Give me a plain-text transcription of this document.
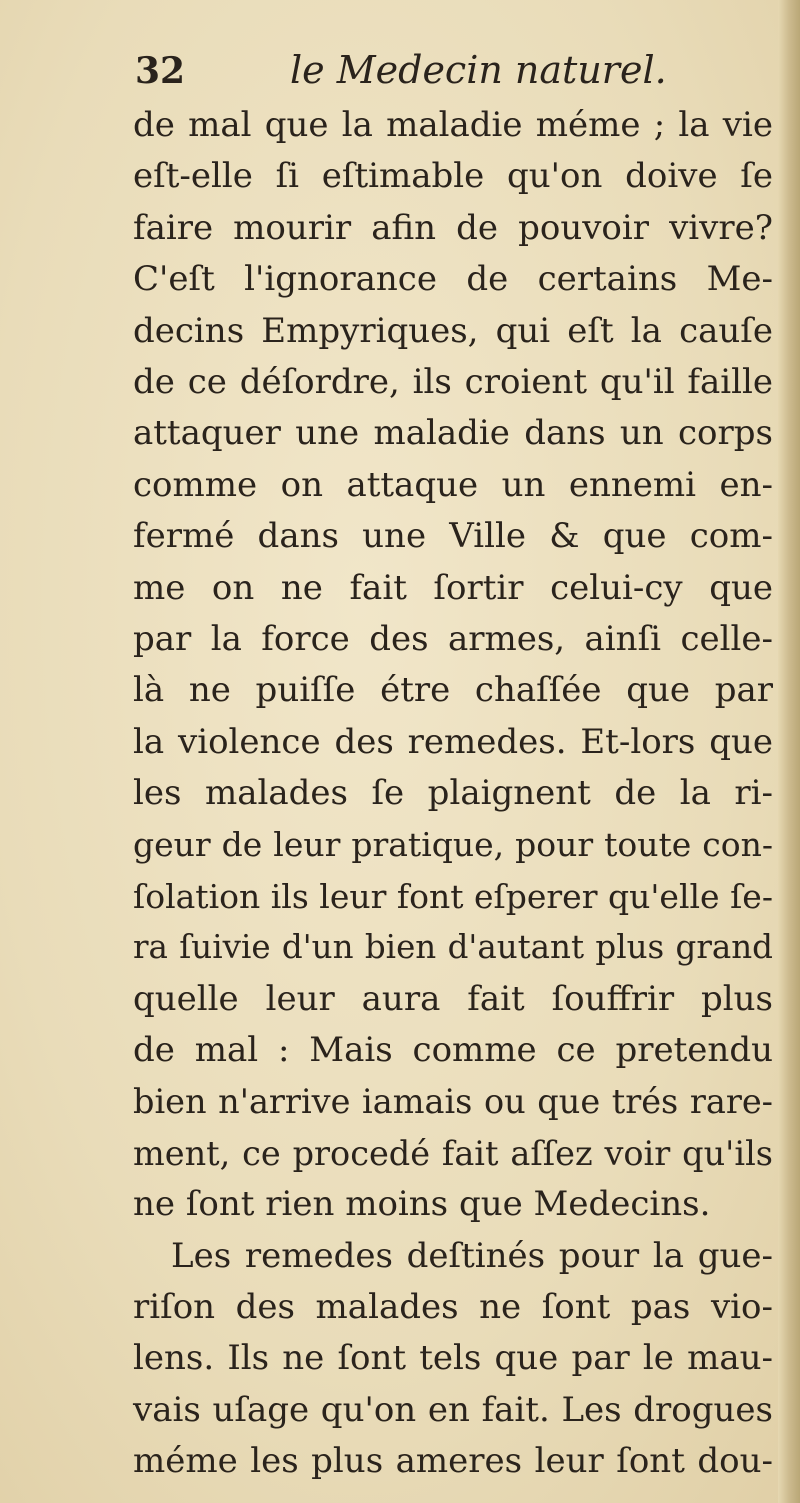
32	le Medecin naturel.
de mal que la maladie méme ; la vie
eſt-elle ſi eſtimable qu'on doive ſe
faire mourir afin de pouvoir vivre?
C'eſt l'ignorance de certains Me-
decins Empyriques, qui eſt la cauſe
de ce déſordre, ils croient qu'il faille
attaquer une maladie dans un corps
comme on attaque un ennemi en-
fermé dans une Ville & que com-
me on ne fait ſortir celui-cy que
par la force des armes, ainſi celle-
là ne puiſſe étre chaſſée que par
la violence des remedes. Et-lors que
les malades ſe plaignent de la ri-
geur de leur pratique, pour toute con-
ſolation ils leur font eſperer qu'elle ſe-
ra ſuivie d'un bien d'autant plus grand
quelle leur aura fait ſouffrir plus
de mal : Mais comme ce pretendu
bien n'arrive iamais ou que trés rare-
ment, ce procedé fait aſſez voir qu'ils
ne ſont rien moins que Medecins.
Les remedes deſtinés pour la gue-
riſon des malades ne ſont pas vio-
lens. Ils ne ſont tels que par le mau-
vais uſage qu'on en fait. Les drogues
méme les plus ameres leur ſont dou-
